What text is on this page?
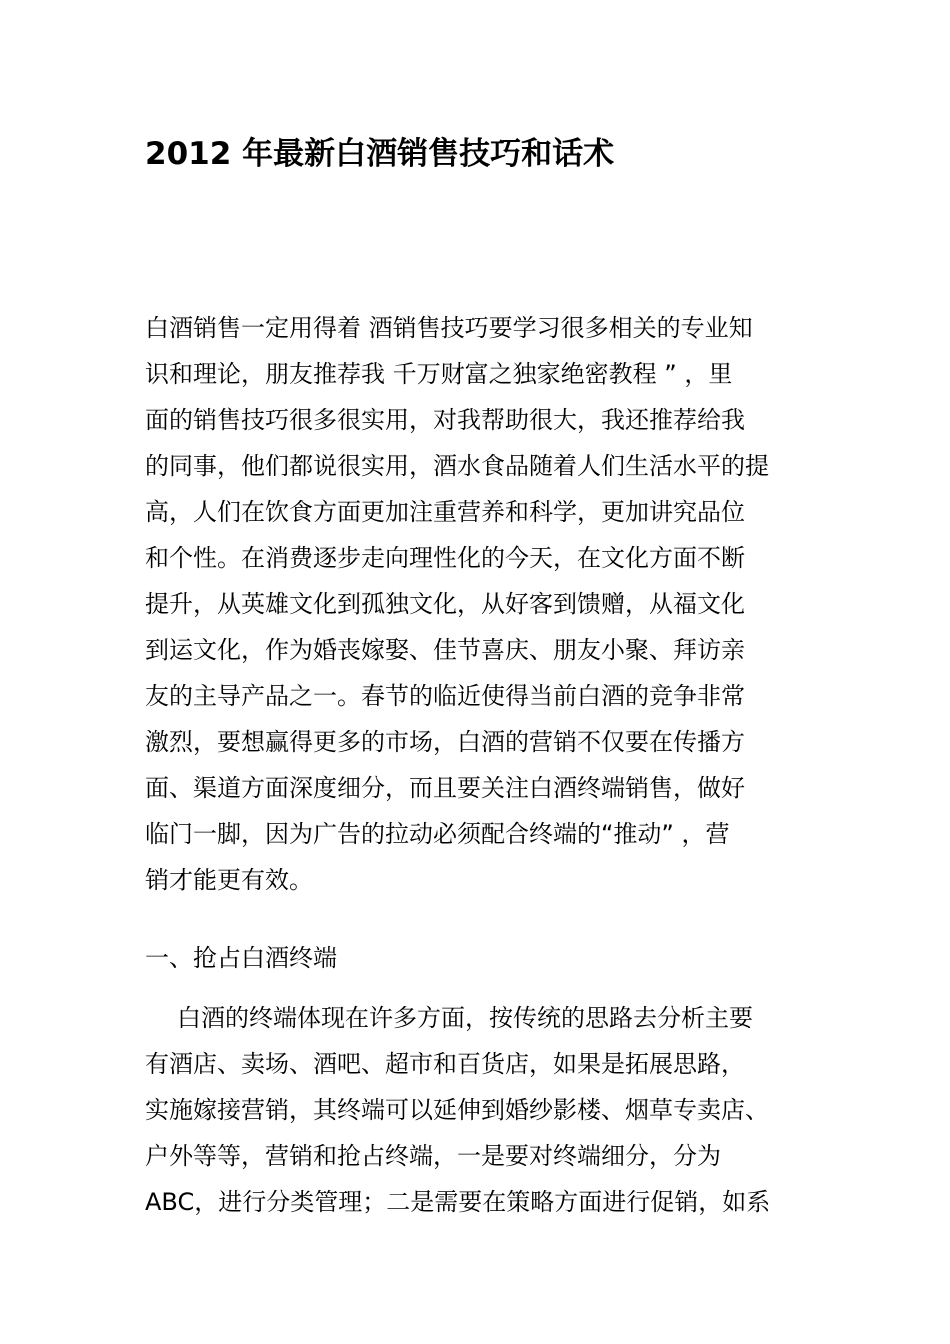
2012 年最新白酒销售技巧和话术
白酒销售一定用得着 酒销售技巧要学习很多相关的专业知
识和理论，朋友推荐我 千万财富之独家绝密教程 ” ，里
面的销售技巧很多很实用，对我帮助很大，我还推荐给我
的同事，他们都说很实用，酒水食品随着人们生活水平的提
高，人们在饮食方面更加注重营养和科学，更加讲究品位
和个性。在消费逐步走向理性化的今天，在文化方面不断
提升，从英雄文化到孤独文化，从好客到馈赠，从福文化
到运文化，作为婚丧嫁娶、佳节喜庆、朋友小聚、拜访亲
友的主导产品之一。春节的临近使得当前白酒的竞争非常
激烈，要想赢得更多的市场，白酒的营销不仅要在传播方
面、渠道方面深度细分，而且要关注白酒终端销售，做好
临门一脚，因为广告的拉动必须配合终端的“推动” ，营
销才能更有效。
一、抢占白酒终端
白酒的终端体现在许多方面，按传统的思路去分析主要
有酒店、卖场、酒吧、超市和百货店，如果是拓展思路，
实施嫁接营销，其终端可以延伸到婚纱影楼、烟草专卖店、
户外等等，营销和抢占终端，一是要对终端细分，分为
ABC，进行分类管理；二是需要在策略方面进行促销，如系
